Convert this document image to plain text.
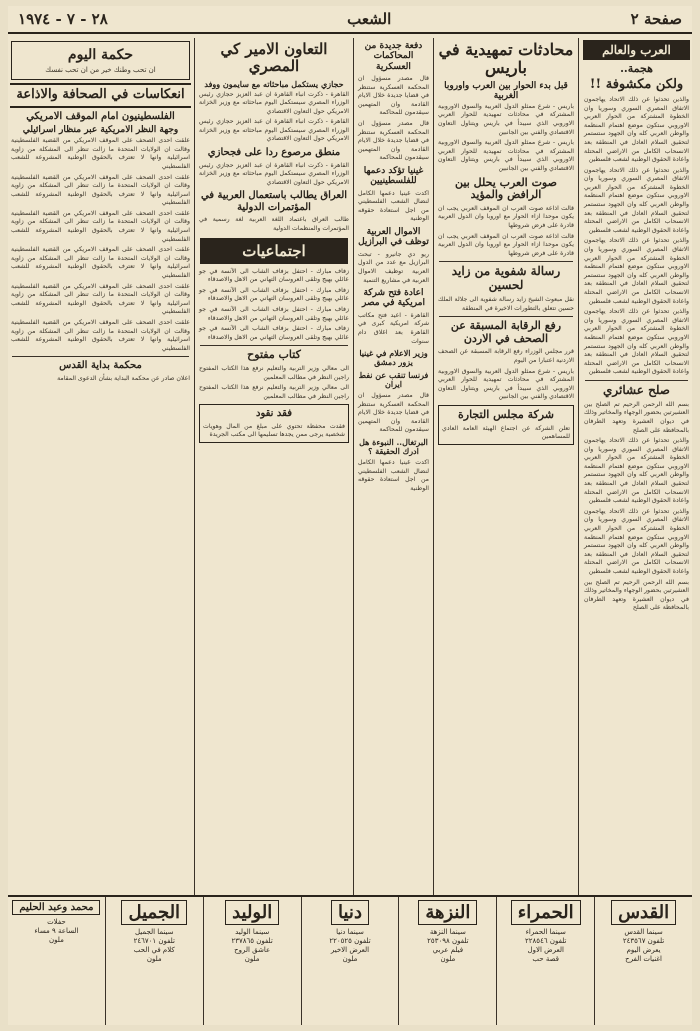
صفحة ٢
الشعب
٢٨ - ٧ - ١٩٧٤
العرب والعالم
هجمة..
ولكن مكشوفة !!
والذين تحدثوا عن ذلك الاتحاد يهاجمون الاتفاق المصري السوري وسوريا وان الخطوة المشتركة من الحوار العربي الاوروبي ستكون موضع اهتمام المنظمة والوطن العربي كله وان الجهود ستستمر لتحقيق السلام العادل في المنطقة بعد الانسحاب الكامل من الاراضي المحتلة واعادة الحقوق الوطنية لشعب فلسطين
والذين تحدثوا عن ذلك الاتحاد يهاجمون الاتفاق المصري السوري وسوريا وان الخطوة المشتركة من الحوار العربي الاوروبي ستكون موضع اهتمام المنظمة والوطن العربي كله وان الجهود ستستمر لتحقيق السلام العادل في المنطقة بعد الانسحاب الكامل من الاراضي المحتلة واعادة الحقوق الوطنية لشعب فلسطين
والذين تحدثوا عن ذلك الاتحاد يهاجمون الاتفاق المصري السوري وسوريا وان الخطوة المشتركة من الحوار العربي الاوروبي ستكون موضع اهتمام المنظمة والوطن العربي كله وان الجهود ستستمر لتحقيق السلام العادل في المنطقة بعد الانسحاب الكامل من الاراضي المحتلة واعادة الحقوق الوطنية لشعب فلسطين
والذين تحدثوا عن ذلك الاتحاد يهاجمون الاتفاق المصري السوري وسوريا وان الخطوة المشتركة من الحوار العربي الاوروبي ستكون موضع اهتمام المنظمة والوطن العربي كله وان الجهود ستستمر لتحقيق السلام العادل في المنطقة بعد الانسحاب الكامل من الاراضي المحتلة واعادة الحقوق الوطنية لشعب فلسطين
صلح عشائري
بسم الله الرحمن الرحيم تم الصلح بين العشيرتين بحضور الوجهاء والمخاتير وذلك في ديوان العشيرة وتعهد الطرفان بالمحافظة على الصلح
والذين تحدثوا عن ذلك الاتحاد يهاجمون الاتفاق المصري السوري وسوريا وان الخطوة المشتركة من الحوار العربي الاوروبي ستكون موضع اهتمام المنظمة والوطن العربي كله وان الجهود ستستمر لتحقيق السلام العادل في المنطقة بعد الانسحاب الكامل من الاراضي المحتلة واعادة الحقوق الوطنية لشعب فلسطين
والذين تحدثوا عن ذلك الاتحاد يهاجمون الاتفاق المصري السوري وسوريا وان الخطوة المشتركة من الحوار العربي الاوروبي ستكون موضع اهتمام المنظمة والوطن العربي كله وان الجهود ستستمر لتحقيق السلام العادل في المنطقة بعد الانسحاب الكامل من الاراضي المحتلة واعادة الحقوق الوطنية لشعب فلسطين
بسم الله الرحمن الرحيم تم الصلح بين العشيرتين بحضور الوجهاء والمخاتير وذلك في ديوان العشيرة وتعهد الطرفان بالمحافظة على الصلح
محادثات تمهيدية في باريس
قبل بدء الحوار بين العرب واوروبا الغربية
باريس - شرع ممثلو الدول العربية والسوق الاوروبية المشتركة في محادثات تمهيدية للحوار العربي الاوروبي الذي سيبدأ في باريس ويتناول التعاون الاقتصادي والفني بين الجانبين
باريس - شرع ممثلو الدول العربية والسوق الاوروبية المشتركة في محادثات تمهيدية للحوار العربي الاوروبي الذي سيبدأ في باريس ويتناول التعاون الاقتصادي والفني بين الجانبين
صوت العرب يحلل بين الرافض والمؤيد
قالت اذاعة صوت العرب ان الموقف العربي يجب ان يكون موحدا ازاء الحوار مع اوروبا وان الدول العربية قادرة على فرض شروطها
قالت اذاعة صوت العرب ان الموقف العربي يجب ان يكون موحدا ازاء الحوار مع اوروبا وان الدول العربية قادرة على فرض شروطها
رسالة شفوية من زايد لحسين
نقل مبعوث الشيخ زايد رسالة شفوية الى جلالة الملك حسين تتعلق بالتطورات الاخيرة في المنطقة
رفع الرقابة المسبقة عن الصحف في الاردن
قرر مجلس الوزراء رفع الرقابة المسبقة عن الصحف الاردنية اعتبارا من اليوم
باريس - شرع ممثلو الدول العربية والسوق الاوروبية المشتركة في محادثات تمهيدية للحوار العربي الاوروبي الذي سيبدأ في باريس ويتناول التعاون الاقتصادي والفني بين الجانبين
شركة مجلس التجارة
تعلن الشركة عن اجتماع الهيئة العامة العادي للمساهمين
دفعة جديدة من المحاكمات العسكرية
قال مصدر مسؤول ان المحكمة العسكرية ستنظر في قضايا جديدة خلال الايام القادمة وان المتهمين سيقدمون للمحاكمة
قال مصدر مسؤول ان المحكمة العسكرية ستنظر في قضايا جديدة خلال الايام القادمة وان المتهمين سيقدمون للمحاكمة
غينيا تؤكد دعمها للفلسطينيين
اكدت غينيا دعمها الكامل لنضال الشعب الفلسطيني من اجل استعادة حقوقه الوطنية
الاموال العربية توظف في البرازيل
ريو دي جانيرو - تبحث البرازيل مع عدد من الدول العربية توظيف الاموال العربية في مشاريع التنمية
اعادة فتح شركة امريكية في مصر
القاهرة - اعيد فتح مكاتب شركة امريكية كبرى في القاهرة بعد اغلاق دام سنوات
وزير الاعلام في غينيا يزور دمشق
فرنسا تنقب عن نفط ايران
قال مصدر مسؤول ان المحكمة العسكرية ستنظر في قضايا جديدة خلال الايام القادمة وان المتهمين سيقدمون للمحاكمة
البرتغال.. النبوءة هل ادرك الحقيقة ؟
اكدت غينيا دعمها الكامل لنضال الشعب الفلسطيني من اجل استعادة حقوقه الوطنية
التعاون الامير كي المصري
حجازي يستكمل مباحثاته مع سايمون ووفد
القاهرة - ذكرت انباء القاهرة ان عبد العزيز حجازي رئيس الوزراء المصري سيستكمل اليوم مباحثاته مع وزير الخزانة الامريكي حول التعاون الاقتصادي
القاهرة - ذكرت انباء القاهرة ان عبد العزيز حجازي رئيس الوزراء المصري سيستكمل اليوم مباحثاته مع وزير الخزانة الامريكي حول التعاون الاقتصادي
منطق مرصوع ردا على فجحازي
القاهرة - ذكرت انباء القاهرة ان عبد العزيز حجازي رئيس الوزراء المصري سيستكمل اليوم مباحثاته مع وزير الخزانة الامريكي حول التعاون الاقتصادي
العراق يطالب باستعمال العربية في المؤتمرات الدولية
طالب العراق باعتماد اللغة العربية لغة رسمية في المؤتمرات والمنظمات الدولية
اجتماعيات
زفاف مبارك - احتفل بزفاف الشاب الى الآنسة في جو عائلي بهيج وتلقى العروسان التهاني من الاهل والاصدقاء
زفاف مبارك - احتفل بزفاف الشاب الى الآنسة في جو عائلي بهيج وتلقى العروسان التهاني من الاهل والاصدقاء
زفاف مبارك - احتفل بزفاف الشاب الى الآنسة في جو عائلي بهيج وتلقى العروسان التهاني من الاهل والاصدقاء
زفاف مبارك - احتفل بزفاف الشاب الى الآنسة في جو عائلي بهيج وتلقى العروسان التهاني من الاهل والاصدقاء
كتاب مفتوح
الى معالي وزير التربية والتعليم نرفع هذا الكتاب المفتوح راجين النظر في مطالب المعلمين
الى معالي وزير التربية والتعليم نرفع هذا الكتاب المفتوح راجين النظر في مطالب المعلمين
فقد نقود
فقدت محفظة تحتوي على مبلغ من المال وهويات شخصية يرجى ممن يجدها تسليمها الى مكتب الجريدة
حكمة اليوم
ان تحب وطنك خير من ان تحب نفسك
انعكاسات في الصحافة والاذاعة
الفلسطينيون امام الموقف الامريكي
وجهة النظر الامريكية عبر منظار اسرائيلي
علقت احدى الصحف على الموقف الامريكي من القضية الفلسطينية وقالت ان الولايات المتحدة ما زالت تنظر الى المشكلة من زاوية اسرائيلية وانها لا تعترف بالحقوق الوطنية المشروعة للشعب الفلسطيني
علقت احدى الصحف على الموقف الامريكي من القضية الفلسطينية وقالت ان الولايات المتحدة ما زالت تنظر الى المشكلة من زاوية اسرائيلية وانها لا تعترف بالحقوق الوطنية المشروعة للشعب الفلسطيني
علقت احدى الصحف على الموقف الامريكي من القضية الفلسطينية وقالت ان الولايات المتحدة ما زالت تنظر الى المشكلة من زاوية اسرائيلية وانها لا تعترف بالحقوق الوطنية المشروعة للشعب الفلسطيني
علقت احدى الصحف على الموقف الامريكي من القضية الفلسطينية وقالت ان الولايات المتحدة ما زالت تنظر الى المشكلة من زاوية اسرائيلية وانها لا تعترف بالحقوق الوطنية المشروعة للشعب الفلسطيني
علقت احدى الصحف على الموقف الامريكي من القضية الفلسطينية وقالت ان الولايات المتحدة ما زالت تنظر الى المشكلة من زاوية اسرائيلية وانها لا تعترف بالحقوق الوطنية المشروعة للشعب الفلسطيني
علقت احدى الصحف على الموقف الامريكي من القضية الفلسطينية وقالت ان الولايات المتحدة ما زالت تنظر الى المشكلة من زاوية اسرائيلية وانها لا تعترف بالحقوق الوطنية المشروعة للشعب الفلسطيني
محكمة بداية القدس
اعلان صادر عن محكمة البداية بشأن الدعوى المقامة
القدس
سينما القدس
تلفون ٢٤٣٥٦٧
يعرض اليوم
اغنيات الفرح
الحمراء
سينما الحمراء
تلفون ٢٢٨٥٤٦
العرض الاول
قصة حب
النزهة
سينما النزهة
تلفون ٢٥٣٠٩٨
فيلم عربي
ملون
دنيا
سينما دنيا
تلفون ٢٢٠٥٢٥
العرض الاخير
ملون
الوليد
سينما الوليد
تلفون ٢٣٧٨٦٥
عاشق الروح
ملون
الجميل
سينما الجميل
تلفون ٢٤٦٧٠١
كلام في الحب
ملون
محمد وعبد الحليم
حفلات
الساعة ٩ مساء
ملون
